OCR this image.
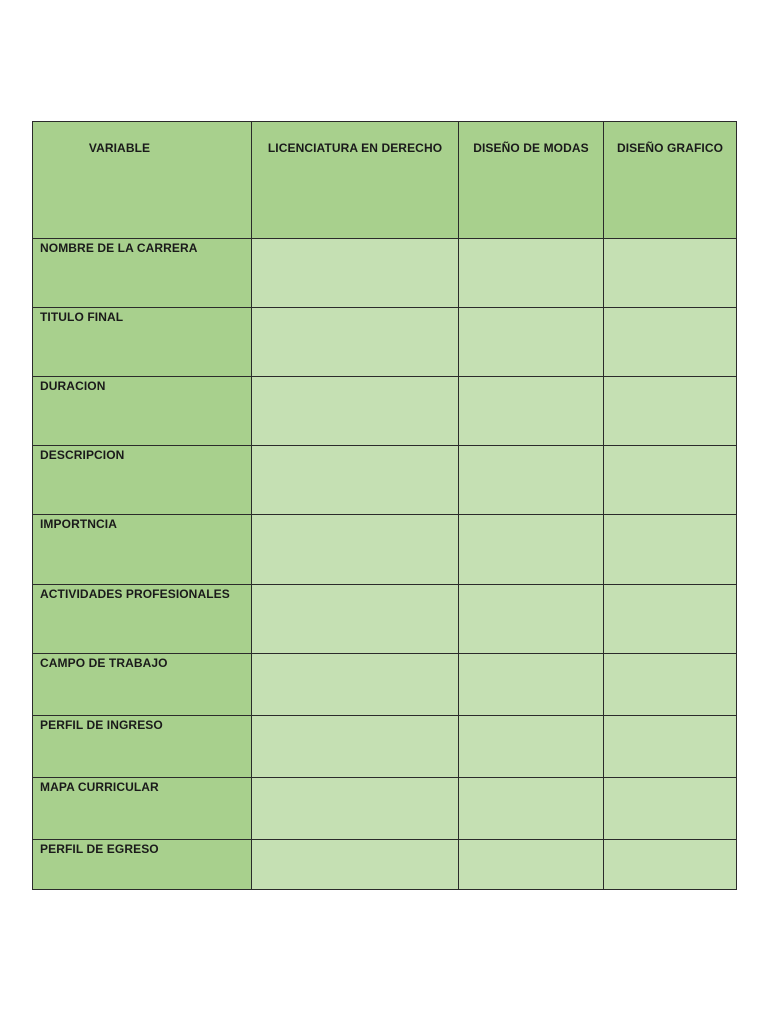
VARIABLE	LICENCIATURA EN DERECHO	DISEÑO DE MODAS	DISEÑO GRAFICO

NOMBRE DE LA CARRERA			

TITULO FINAL			

DURACION			

DESCRIPCION			

IMPORTNCIA			

ACTIVIDADES PROFESIONALES			

CAMPO DE TRABAJO			

PERFIL DE INGRESO			

MAPA CURRICULAR			

PERFIL DE EGRESO			
